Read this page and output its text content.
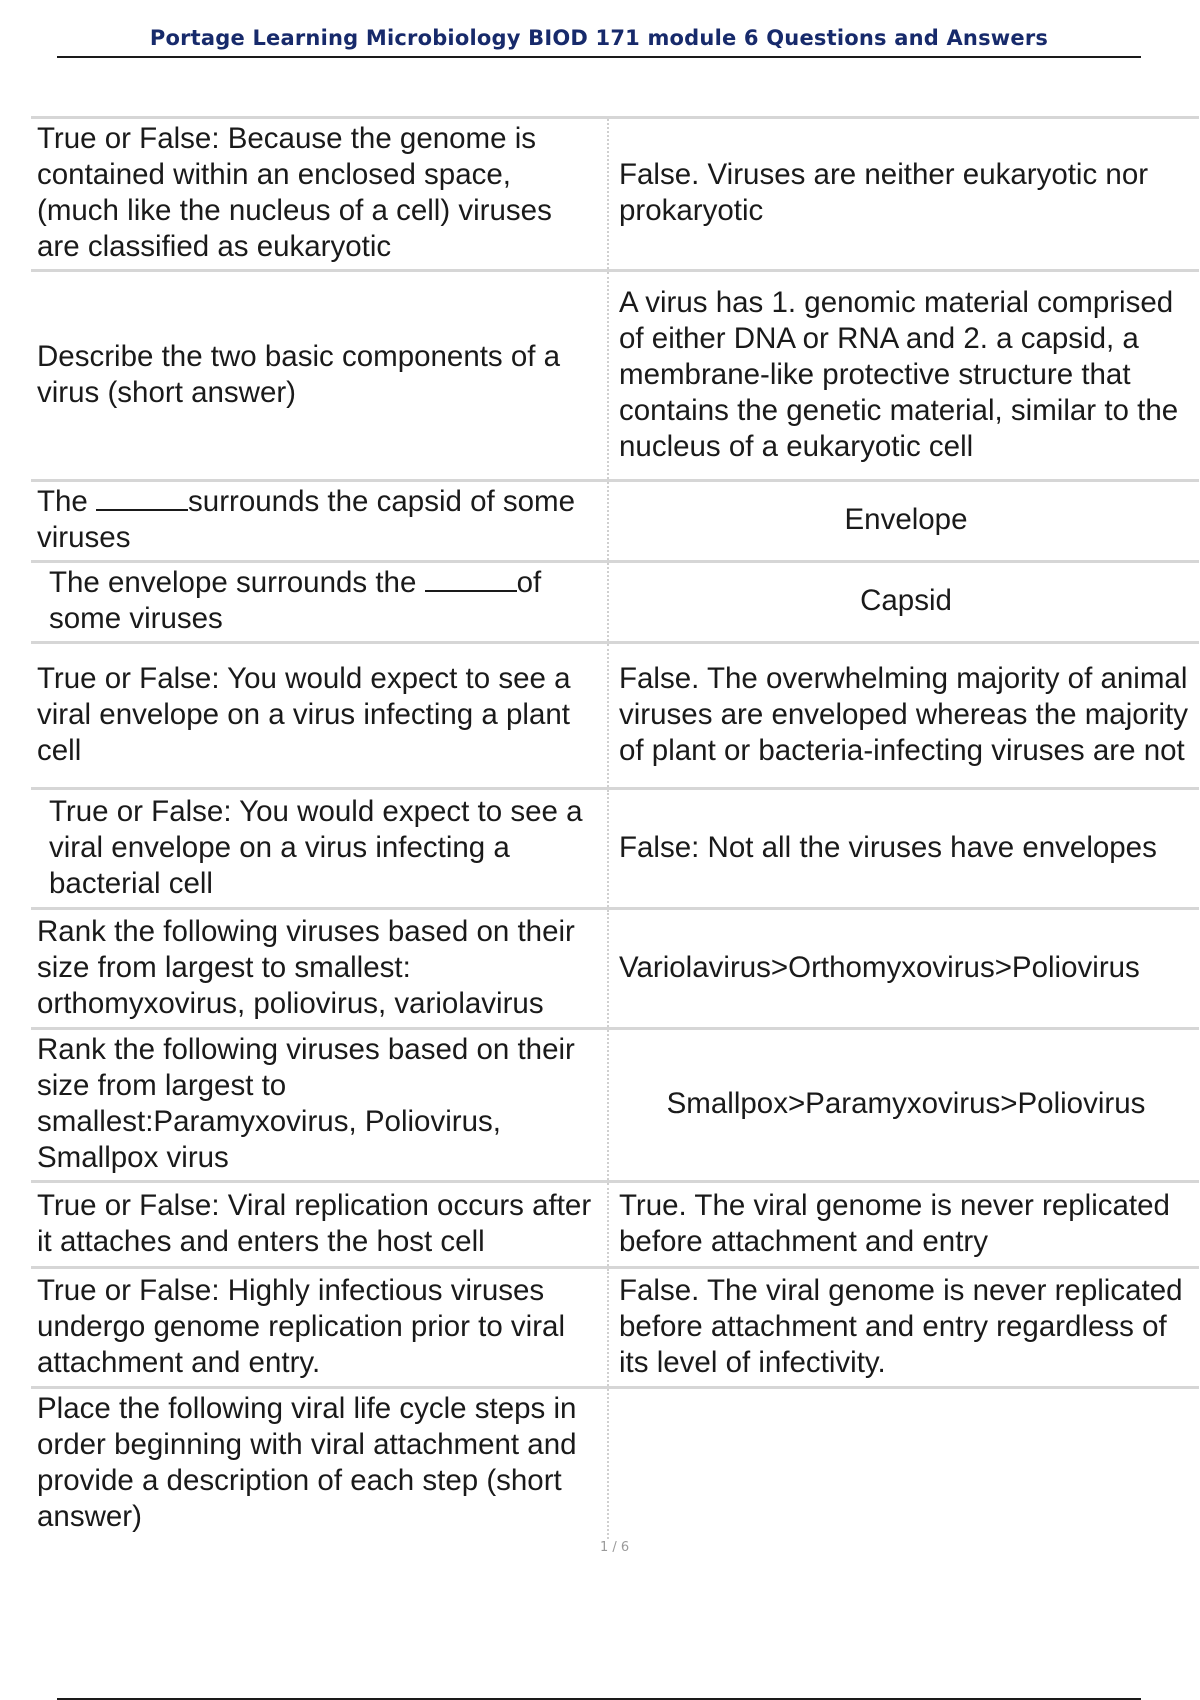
Portage Learning Microbiology BIOD 171 module 6 Questions and Answers
True or False: Because the genome is contained within an enclosed space, (much like the nucleus of a cell) viruses are classified as eukaryotic	False. Viruses are neither eukaryotic nor prokaryotic
Describe the two basic components of a virus (short answer)	A virus has 1. genomic material comprised of either DNA or RNA and 2. a capsid, a membrane-like protective structure that contains the genetic material, similar to the nucleus of a eukaryotic cell
The surrounds the capsid of some viruses	Envelope
The envelope surrounds the of some viruses	Capsid
True or False: You would expect to see a viral envelope on a virus infecting a plant cell	False. The overwhelming majority of animal viruses are enveloped whereas the majority of plant or bacteria-infecting viruses are not
True or False: You would expect to see a viral envelope on a virus infecting a bacterial cell	False: Not all the viruses have envelopes
Rank the following viruses based on their size from largest to smallest: orthomyxovirus, poliovirus, variolavirus	Variolavirus>Orthomyxovirus>Poliovirus
Rank the following viruses based on their size from largest to smallest:Paramyxovirus, Poliovirus, Smallpox virus	Smallpox>Paramyxovirus>Poliovirus
True or False: Viral replication occurs after it attaches and enters the host cell	True. The viral genome is never replicated before attachment and entry
True or False: Highly infectious viruses undergo genome replication prior to viral attachment and entry.	False. The viral genome is never replicated before attachment and entry regardless of its level of infectivity.
Place the following viral life cycle steps in order beginning with viral attachment and provide a description of each step (short answer)	
1 / 6
